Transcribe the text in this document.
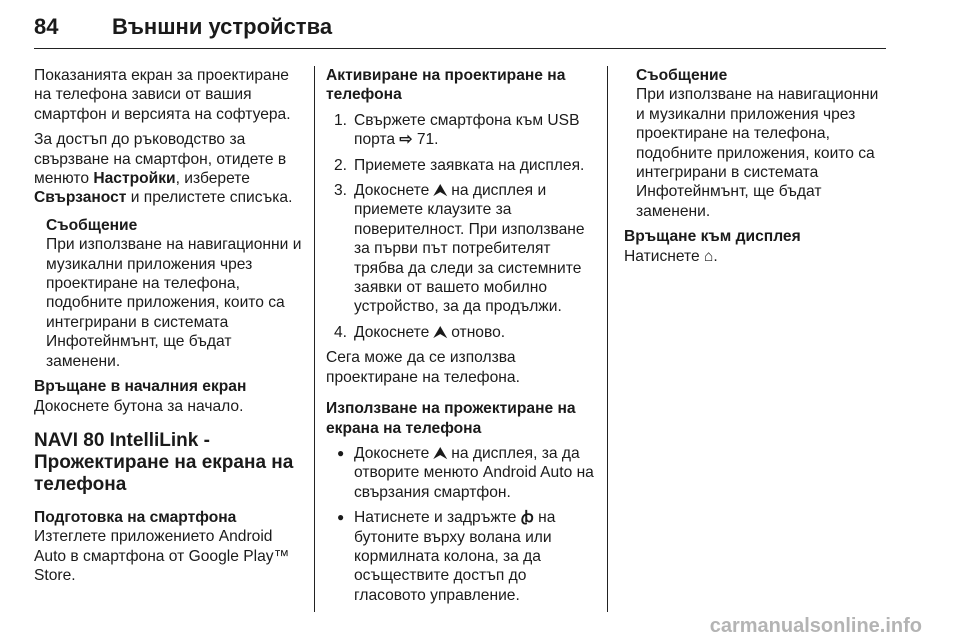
84 Външни устройства

Показанията екран за проектиране на телефона зависи от вашия смартфон и версията на софтуера.

За достъп до ръководство за свързване на смартфон, отидете в менюто Настройки, изберете Свързаност и прелистете списъка.

Съобщение

При използване на навигационни и музикални приложения чрез проектиране на телефона, подобните приложения, които са интегрирани в системата Инфотейнмънт, ще бъдат заменени.

Връщане в началния екран

Докоснете бутона за начало.

NAVI 80 IntelliLink - Прожектиране на екрана на телефона

Подготовка на смартфона

Изтеглете приложението Android Auto в смартфона от Google Play™ Store.

Активиране на проектиране на телефона

1. Свържете смартфона към USB порта ⇨ 71.
2. Приемете заявката на дисплея.
3. Докоснете ⮝ на дисплея и приемете клаузите за поверителност. При използване за първи път потребителят трябва да следи за системните заявки от вашето мобилно устройство, за да продължи.
4. Докоснете ⮝ отново.

Сега може да се използва проектиране на телефона.

Използване на прожектиране на екрана на телефона

● Докоснете ⮝ на дисплея, за да отворите менюто Android Auto на свързания смартфон.
● Натиснете и задръжте ꞗ на бутоните върху волана или кормилната колона, за да осъществите достъп до гласовото управление.

Съобщение

При използване на навигационни и музикални приложения чрез проектиране на телефона, подобните приложения, които са интегрирани в системата Инфотейнмънт, ще бъдат заменени.

Връщане към дисплея

Натиснете ⌂.

carmanualsonline.info
